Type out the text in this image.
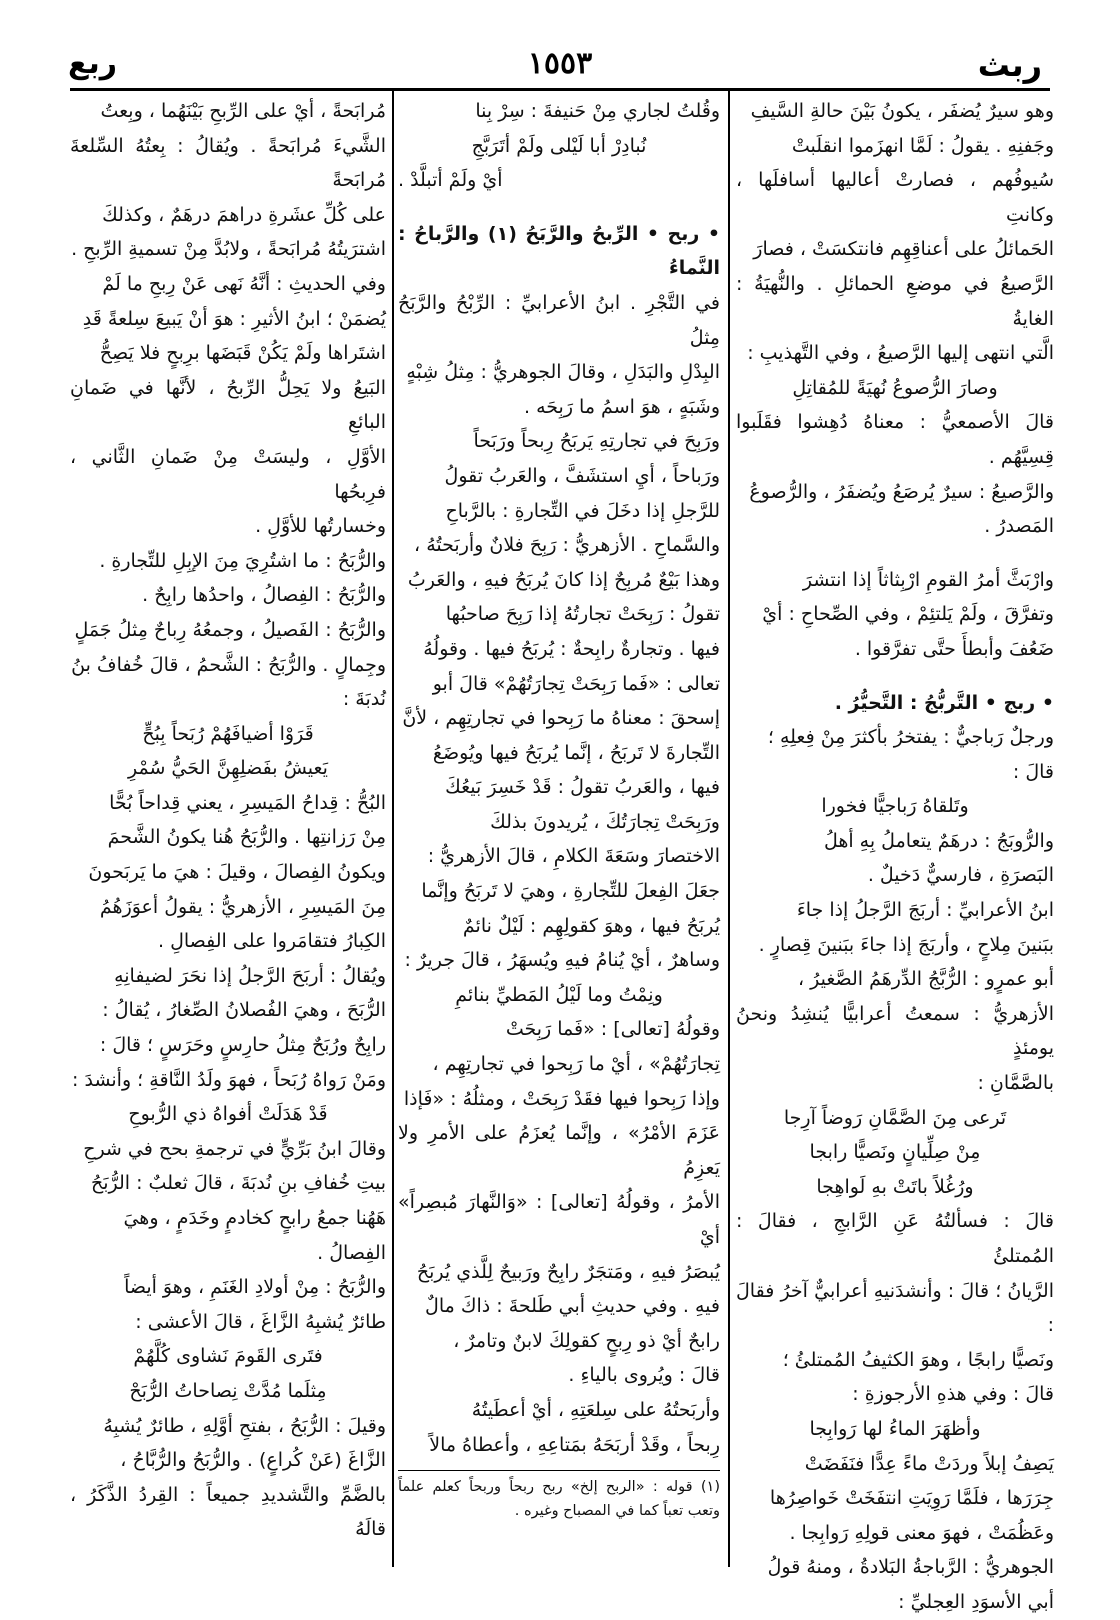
ربث
١٥٥٣
ربع

وهو سيرٌ يُضفَر ، يكونُ بَيْنَ حالةِ السَّيفِ

وجَفنِهِ . يقولُ : لَمَّا انهزَموا انقلَبتْ

سُيوفُهم ، فصارتْ أعاليها أسافلَها ، وكانتِ

الحَمائلُ على أعناقِهِم فانتكسَتْ ، فصارَ

الرَّصيعُ في موضعِ الحمائلِ . والنُّهيَةُ : الغايةُ

الَّتي انتهى إليها الرَّصيعُ ، وفي التَّهذيبِ :

وصارَ الرُّصوعُ نُهيَةً للمُقاتِلِ

قالَ الأصمعيُّ : معناهُ دُهِشوا فقَلَبوا قِسِيَّهُم .

والرَّصيعُ : سيرٌ يُرصَعُ ويُضفَرُ ، والرُّصوعُ

المَصدرُ .

وارْبَثَّ أمرُ القومِ ارْبِثاثاً إذا انتشرَ

وتفرَّقَ ، ولَمْ يَلتئِمْ ، وفي الصِّحاحِ : أيْ

ضَعُفَ وأبطأَ حتَّى تفرَّقوا .

• ربج • التَّربُّجُ : التَّحيُّرُ .

ورجلٌ رَباجيٌّ : يفتخرُ بأكثرَ مِنْ فِعلِهِ ؛

قالَ :

وتَلقاهُ رَباجيًّا فخورا

والرُّوبَجُ : درهَمٌ يتعاملُ بِهِ أهلُ

البَصرَةِ ، فارسيٌّ دَخيلٌ .

ابنُ الأعرابيِّ : أربَجَ الرَّجلُ إذا جاءَ

ببَنينَ مِلاحٍ ، وأربَجَ إذا جاءَ ببَنينَ قِصارٍ .

أبو عمرٍو : الرُّبَّجُ الدِّرهَمُ الصَّغيرُ ،

الأزهريُّ : سمعتُ أعرابيًّا يُنشِدُ ونحنُ يومئذٍ

بالصَّمَّانِ :

تَرعى مِنَ الصَّمَّانِ رَوضاً آرِجا

مِنْ صِلِّيانٍ ونَصيًّا رابجا

ورُغُلاً باتَتْ بهِ لَواهِجا

قالَ : فسألتُهُ عَنِ الرَّابجِ ، فقالَ : المُمتلئُ

الرَّيانُ ؛ قالَ : وأنشدَنيهِ أعرابيٌّ آخرُ فقالَ :

ونَصيًّا رابجًا ، وهوَ الكثيفُ المُمتلئُ ؛

قالَ : وفي هذهِ الأرجوزةِ :

وأظهَرَ الماءُ لها رَوابِجا

يَصِفُ إبلاً وردَتْ ماءً عِدًّا فنَفَضَتْ

جِرَرَها ، فلَمَّا رَوِيَتِ انتفَخَتْ خَواصِرُها

وعَظُمَتْ ، فهوَ معنى قولِهِ رَوابِجا .

الجوهريُّ : الرَّباجةُ البَلادةُ ، ومنهُ قولُ

أبي الأسوَدِ العِجليِّ :

وقُلتُ لجاري مِنْ حَنيفةَ : سِرْ بِنا

نُبادِرْ أبا لَيْلى ولَمْ أتَرَبَّجِ

أيْ ولَمْ أتبلَّدْ .

• ربح • الرِّبحُ والرَّبَحُ (١) والرَّباحُ : النَّماءُ

في التَّجْرِ . ابنُ الأعرابيِّ : الرِّبْحُ والرَّبَحُ مِثلُ

البِدْلِ والبَدَلِ ، وقالَ الجوهريُّ : مِثلُ شِبْهٍ

وشَبَهٍ ، هوَ اسمُ ما رَبِحَه .

ورَبِحَ في تجارتِهِ يَربَحُ رِبحاً ورَبَحاً

ورَباحاً ، أيِ استشَفَّ ، والعَربُ تقولُ

للرَّجلِ إذا دخَلَ في التِّجارةِ : بالرَّباحِ

والسَّماحِ . الأزهريُّ : رَبِحَ فلانٌ وأربَحتُهُ ،

وهذا بَيْعٌ مُربِحٌ إذا كانَ يُربَحُ فيهِ ، والعَربُ

تقولُ : رَبِحَتْ تجارتُهُ إذا رَبِحَ صاحبُها

فيها . وتجارةٌ رابِحةٌ : يُربَحُ فيها . وقولُهُ

تعالى : «فَما رَبِحَتْ تِجارَتُهُمْ» قالَ أبو

إسحقَ : معناهُ ما رَبِحوا في تجارتِهِم ، لأنَّ

التِّجارةَ لا تَربَحُ ، إنَّما يُربَحُ فيها ويُوضَعُ

فيها ، والعَربُ تقولُ : قَدْ خَسِرَ بَيعُكَ

ورَبِحَتْ تِجارَتُكَ ، يُريدونَ بذلكَ

الاختصارَ وسَعَةَ الكلامِ ، قالَ الأزهريُّ :

جعَلَ الفِعلَ للتِّجارةِ ، وهيَ لا تَربَحُ وإنَّما

يُربَحُ فيها ، وهوَ كقولِهِم : لَيْلٌ نائمٌ

وساهرٌ ، أيْ يُنامُ فيهِ ويُسهَرُ ، قالَ جريرٌ :

ونِمْتُ وما لَيْلُ المَطيِّ بنائمِ

وقولُهُ [تعالى] : «فَما رَبِحَتْ

تِجارَتُهُمْ» ، أيْ ما رَبِحوا في تجارتِهِم ،

وإذا رَبِحوا فيها فقَدْ رَبِحَتْ ، ومثلُهُ : «فَإذا

عَزَمَ الأمْرُ» ، وإنَّما يُعزَمُ على الأمرِ ولا يَعزِمُ

الأمرُ ، وقولُهُ [تعالى] : «وَالنَّهارَ مُبصِراً» أيْ

يُبصَرُ فيهِ ، ومَتجَرٌ رابِحٌ ورَبيحٌ لِلَّذي يُربَحُ

فيهِ . وفي حديثِ أبي طَلحةَ : ذاكَ مالٌ

رابحٌ أيْ ذو رِبحٍ كقولِكَ لابنٌ وتامرٌ ،

قالَ : ويُروى بالياءِ .

وأربَحتُهُ على سِلعَتِهِ ، أيْ أعطَيتُهُ

رِبحاً ، وقَدْ أربَحَهُ بمَتاعِهِ ، وأعطاهُ مالاً

(١) قوله : «الربح إلخ» ربح ربحاً وربحاً كعلم علماً وتعب تعباً كما في المصباح وغيره .

مُرابَحةً ، أيْ على الرِّبحِ بَيْنَهُما ، وبِعتُ

الشَّيءَ مُرابَحةً . ويُقالُ : بِعتُهُ السِّلعةَ مُرابَحةً

على كُلِّ عشَرةِ دراهمَ درهَمٌ ، وكذلكَ

اشترَيتُهُ مُرابَحةً ، ولابُدَّ مِنْ تسميةِ الرِّبحِ .

وفي الحديثِ : أنَّهُ نَهى عَنْ رِبحِ ما لَمْ

يُضمَنْ ؛ ابنُ الأثيرِ : هوَ أنْ يَبيعَ سِلعةً قَدِ

اشتَراها ولَمْ يَكُنْ قَبَضَها برِبحٍ فلا يَصِحُّ

البَيعُ ولا يَحِلُّ الرِّبحُ ، لأنَّها في ضَمانِ البائعِ

الأوَّلِ ، وليسَتْ مِنْ ضَمانِ الثَّاني ، فرِبحُها

وخسارتُها للأوَّلِ .

والرُّبَحُ : ما اشتُرِيَ مِنَ الإبِلِ للتِّجارةِ .

والرُّبَحُ : الفِصالُ ، واحدُها رابِحٌ .

والرُّبَحُ : الفَصيلُ ، وجمعُهُ رِباحٌ مِثلُ جَمَلٍ

وجِمالٍ . والرُّبَحُ : الشَّحمُ ، قالَ خُفافُ بنُ

نُدبَةَ :

قَرَوْا أضيافَهُمْ رُبَحاً بِبُحٍّ

يَعيشُ بفَضلِهِنَّ الحَيُّ سُمْرِ

البُحُّ : قِداحُ المَيسِرِ ، يعني قِداحاً بُحًّا

مِنْ رَزانتِها . والرُّبَحُ هُنا يكونُ الشَّحمَ

ويكونُ الفِصالَ ، وقيلَ : هيَ ما يَربَحونَ

مِنَ المَيسِرِ ، الأزهريُّ : يقولُ أعوَزَهُمُ

الكِبارُ فتقامَروا على الفِصالِ .

ويُقالُ : أربَحَ الرَّجلُ إذا نحَرَ لضيفانِهِ

الرُّبَحَ ، وهيَ الفُصلانُ الصِّغارُ ، يُقالُ :

رابِحٌ ورُبَحٌ مِثلُ حارِسٍ وحَرَسٍ ؛ قالَ :

ومَنْ رَواهُ رُبَحاً ، فهوَ ولَدُ النَّاقةِ ؛ وأنشدَ :

قَدْ هَدَلَتْ أفواهُ ذي الرُّبوحِ

وقالَ ابنُ بَرِّيٍّ في ترجمةِ بحح في شرحِ

بيتِ خُفافِ بنِ نُدبَةَ ، قالَ ثعلبٌ : الرُّبَحُ

هَهُنا جمعُ رابحٍ كخادمٍ وخَدَمٍ ، وهيَ

الفِصالُ .

والرُّبَحُ : مِنْ أولادِ الغَنَمِ ، وهوَ أيضاً

طائرٌ يُشبِهُ الزَّاغَ ، قالَ الأعشى :

فتَرى القَومَ نَشاوى كُلَّهُمْ

مِثلَما مُدَّتْ نِصاحاتُ الرُّبَحْ

وقيلَ : الرُّبَحُ ، بفتحِ أوَّلِهِ ، طائرٌ يُشبِهُ

الزَّاغَ (عَنْ كُراعٍ) . والرُّبَحُ والرُّبَّاحُ ،

بالضَّمِّ والتَّشديدِ جميعاً : القِردُ الذَّكَرُ ، قالَهُ
